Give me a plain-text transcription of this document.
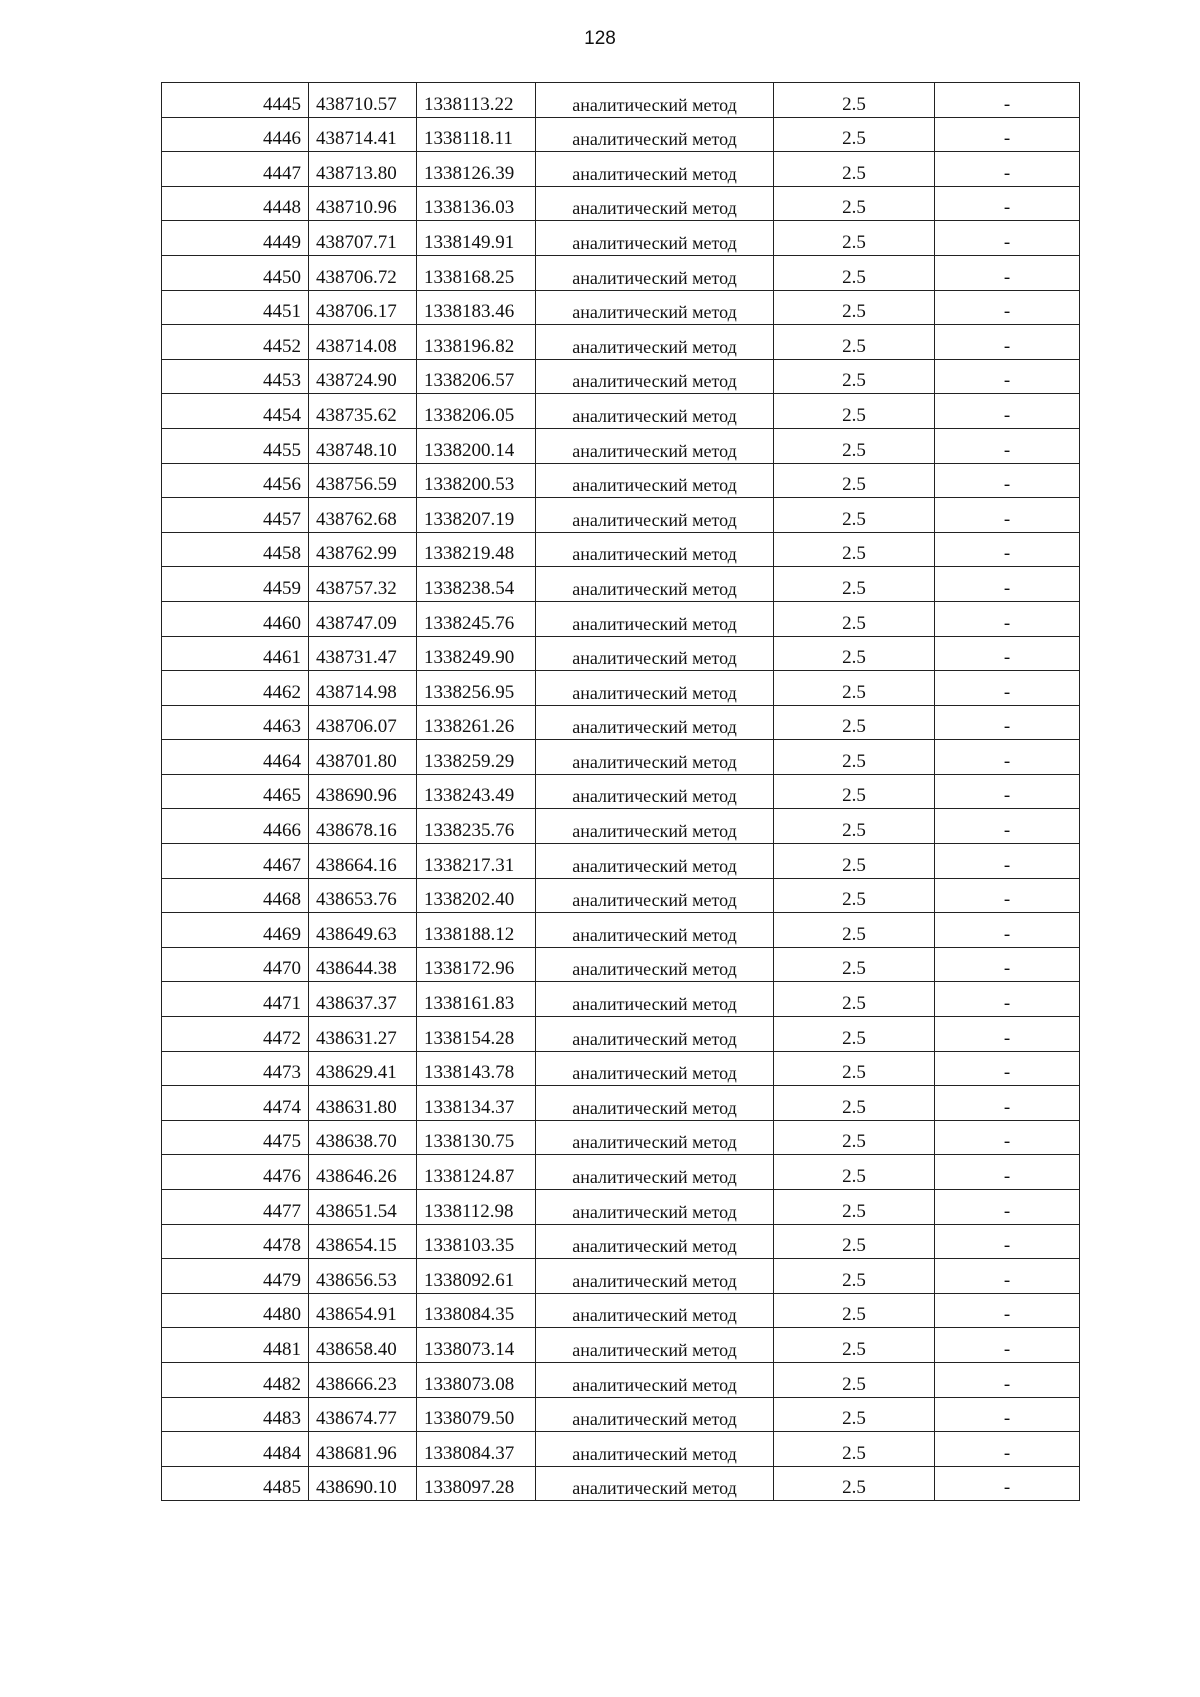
128
4445	438710.57	1338113.22	аналитический метод	2.5	-
4446	438714.41	1338118.11	аналитический метод	2.5	-
4447	438713.80	1338126.39	аналитический метод	2.5	-
4448	438710.96	1338136.03	аналитический метод	2.5	-
4449	438707.71	1338149.91	аналитический метод	2.5	-
4450	438706.72	1338168.25	аналитический метод	2.5	-
4451	438706.17	1338183.46	аналитический метод	2.5	-
4452	438714.08	1338196.82	аналитический метод	2.5	-
4453	438724.90	1338206.57	аналитический метод	2.5	-
4454	438735.62	1338206.05	аналитический метод	2.5	-
4455	438748.10	1338200.14	аналитический метод	2.5	-
4456	438756.59	1338200.53	аналитический метод	2.5	-
4457	438762.68	1338207.19	аналитический метод	2.5	-
4458	438762.99	1338219.48	аналитический метод	2.5	-
4459	438757.32	1338238.54	аналитический метод	2.5	-
4460	438747.09	1338245.76	аналитический метод	2.5	-
4461	438731.47	1338249.90	аналитический метод	2.5	-
4462	438714.98	1338256.95	аналитический метод	2.5	-
4463	438706.07	1338261.26	аналитический метод	2.5	-
4464	438701.80	1338259.29	аналитический метод	2.5	-
4465	438690.96	1338243.49	аналитический метод	2.5	-
4466	438678.16	1338235.76	аналитический метод	2.5	-
4467	438664.16	1338217.31	аналитический метод	2.5	-
4468	438653.76	1338202.40	аналитический метод	2.5	-
4469	438649.63	1338188.12	аналитический метод	2.5	-
4470	438644.38	1338172.96	аналитический метод	2.5	-
4471	438637.37	1338161.83	аналитический метод	2.5	-
4472	438631.27	1338154.28	аналитический метод	2.5	-
4473	438629.41	1338143.78	аналитический метод	2.5	-
4474	438631.80	1338134.37	аналитический метод	2.5	-
4475	438638.70	1338130.75	аналитический метод	2.5	-
4476	438646.26	1338124.87	аналитический метод	2.5	-
4477	438651.54	1338112.98	аналитический метод	2.5	-
4478	438654.15	1338103.35	аналитический метод	2.5	-
4479	438656.53	1338092.61	аналитический метод	2.5	-
4480	438654.91	1338084.35	аналитический метод	2.5	-
4481	438658.40	1338073.14	аналитический метод	2.5	-
4482	438666.23	1338073.08	аналитический метод	2.5	-
4483	438674.77	1338079.50	аналитический метод	2.5	-
4484	438681.96	1338084.37	аналитический метод	2.5	-
4485	438690.10	1338097.28	аналитический метод	2.5	-
